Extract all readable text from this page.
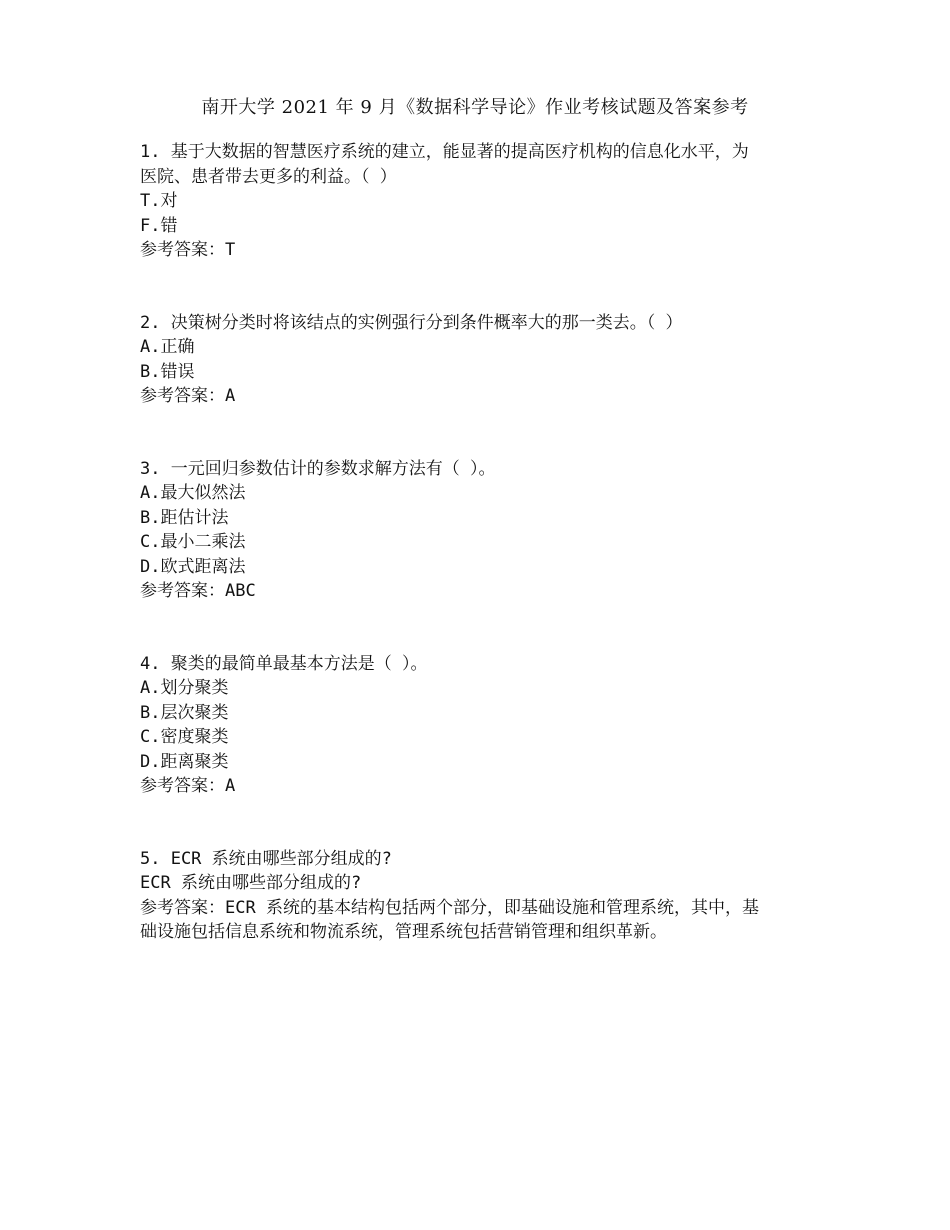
南开大学 2021 年 9 月《数据科学导论》作业考核试题及答案参考

1. 基于大数据的智慧医疗系统的建立，能显著的提高医疗机构的信息化水平，为

医院、患者带去更多的利益。（ ）

T.对

F.错

参考答案：T

2. 决策树分类时将该结点的实例强行分到条件概率大的那一类去。（ ）

A.正确

B.错误

参考答案：A

3. 一元回归参数估计的参数求解方法有（ ）。

A.最大似然法

B.距估计法

C.最小二乘法

D.欧式距离法

参考答案：ABC

4. 聚类的最简单最基本方法是（ ）。

A.划分聚类

B.层次聚类

C.密度聚类

D.距离聚类

参考答案：A

5. ECR 系统由哪些部分组成的?

ECR 系统由哪些部分组成的?

参考答案：ECR 系统的基本结构包括两个部分，即基础设施和管理系统，其中，基

础设施包括信息系统和物流系统，管理系统包括营销管理和组织革新。
